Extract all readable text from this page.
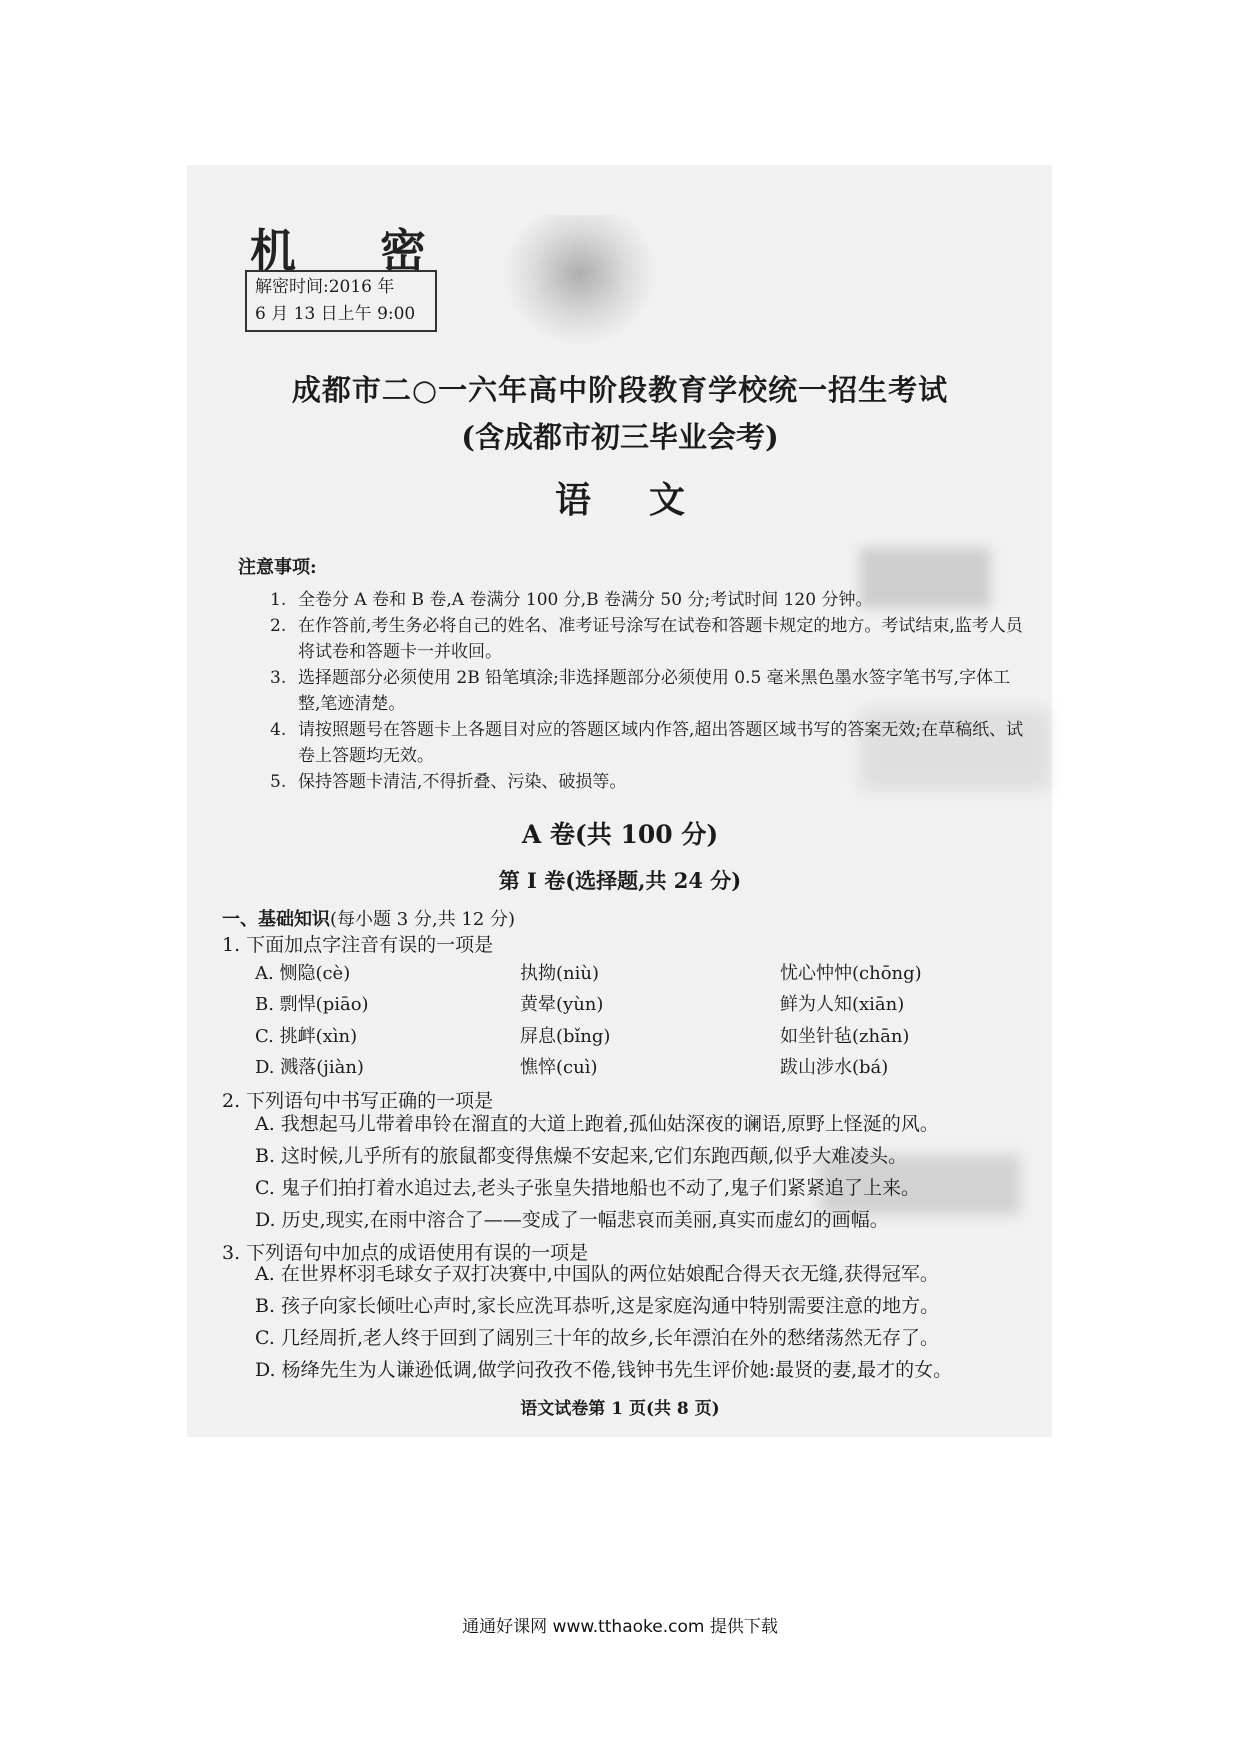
机 密
解密时间:2016 年
6 月 13 日上午 9:00
成都市二○一六年高中阶段教育学校统一招生考试
(含成都市初三毕业会考)
语文
注意事项:
1. 全卷分 A 卷和 B 卷,A 卷满分 100 分,B 卷满分 50 分;考试时间 120 分钟。
2. 在作答前,考生务必将自己的姓名、准考证号涂写在试卷和答题卡规定的地方。考试结束,监考人员将试卷和答题卡一并收回。
3. 选择题部分必须使用 2B 铅笔填涂;非选择题部分必须使用 0.5 毫米黑色墨水签字笔书写,字体工整,笔迹清楚。
4. 请按照题号在答题卡上各题目对应的答题区域内作答,超出答题区域书写的答案无效;在草稿纸、试卷上答题均无效。
5. 保持答题卡清洁,不得折叠、污染、破损等。
A 卷(共 100 分)
第 I 卷(选择题,共 24 分)
一、基础知识(每小题 3 分,共 12 分)
1. 下面加点字注音有误的一项是
A. 恻隐(cè)	执拗(niù)	忧心忡忡(chōng)
B. 剽悍(piāo)	黄晕(yùn)	鲜为人知(xiān)
C. 挑衅(xìn)	屏息(bǐng)	如坐针毡(zhān)
D. 溅落(jiàn)	憔悴(cuì)	跋山涉水(bá)
2. 下列语句中书写正确的一项是
A. 我想起马儿带着串铃在溜直的大道上跑着,孤仙姑深夜的谰语,原野上怪涎的风。
B. 这时候,儿乎所有的旅鼠都变得焦燥不安起来,它们东跑西颠,似乎大难凌头。
C. 鬼子们拍打着水追过去,老头子张皇失措地船也不动了,鬼子们紧紧追了上来。
D. 历史,现实,在雨中溶合了——变成了一幅悲哀而美丽,真实而虚幻的画幅。
3. 下列语句中加点的成语使用有误的一项是
A. 在世界杯羽毛球女子双打决赛中,中国队的两位姑娘配合得天衣无缝,获得冠军。
B. 孩子向家长倾吐心声时,家长应洗耳恭听,这是家庭沟通中特别需要注意的地方。
C. 几经周折,老人终于回到了阔别三十年的故乡,长年漂泊在外的愁绪荡然无存了。
D. 杨绛先生为人谦逊低调,做学问孜孜不倦,钱钟书先生评价她:最贤的妻,最才的女。
语文试卷第 1 页(共 8 页)
通通好课网 www.tthaoke.com 提供下载
